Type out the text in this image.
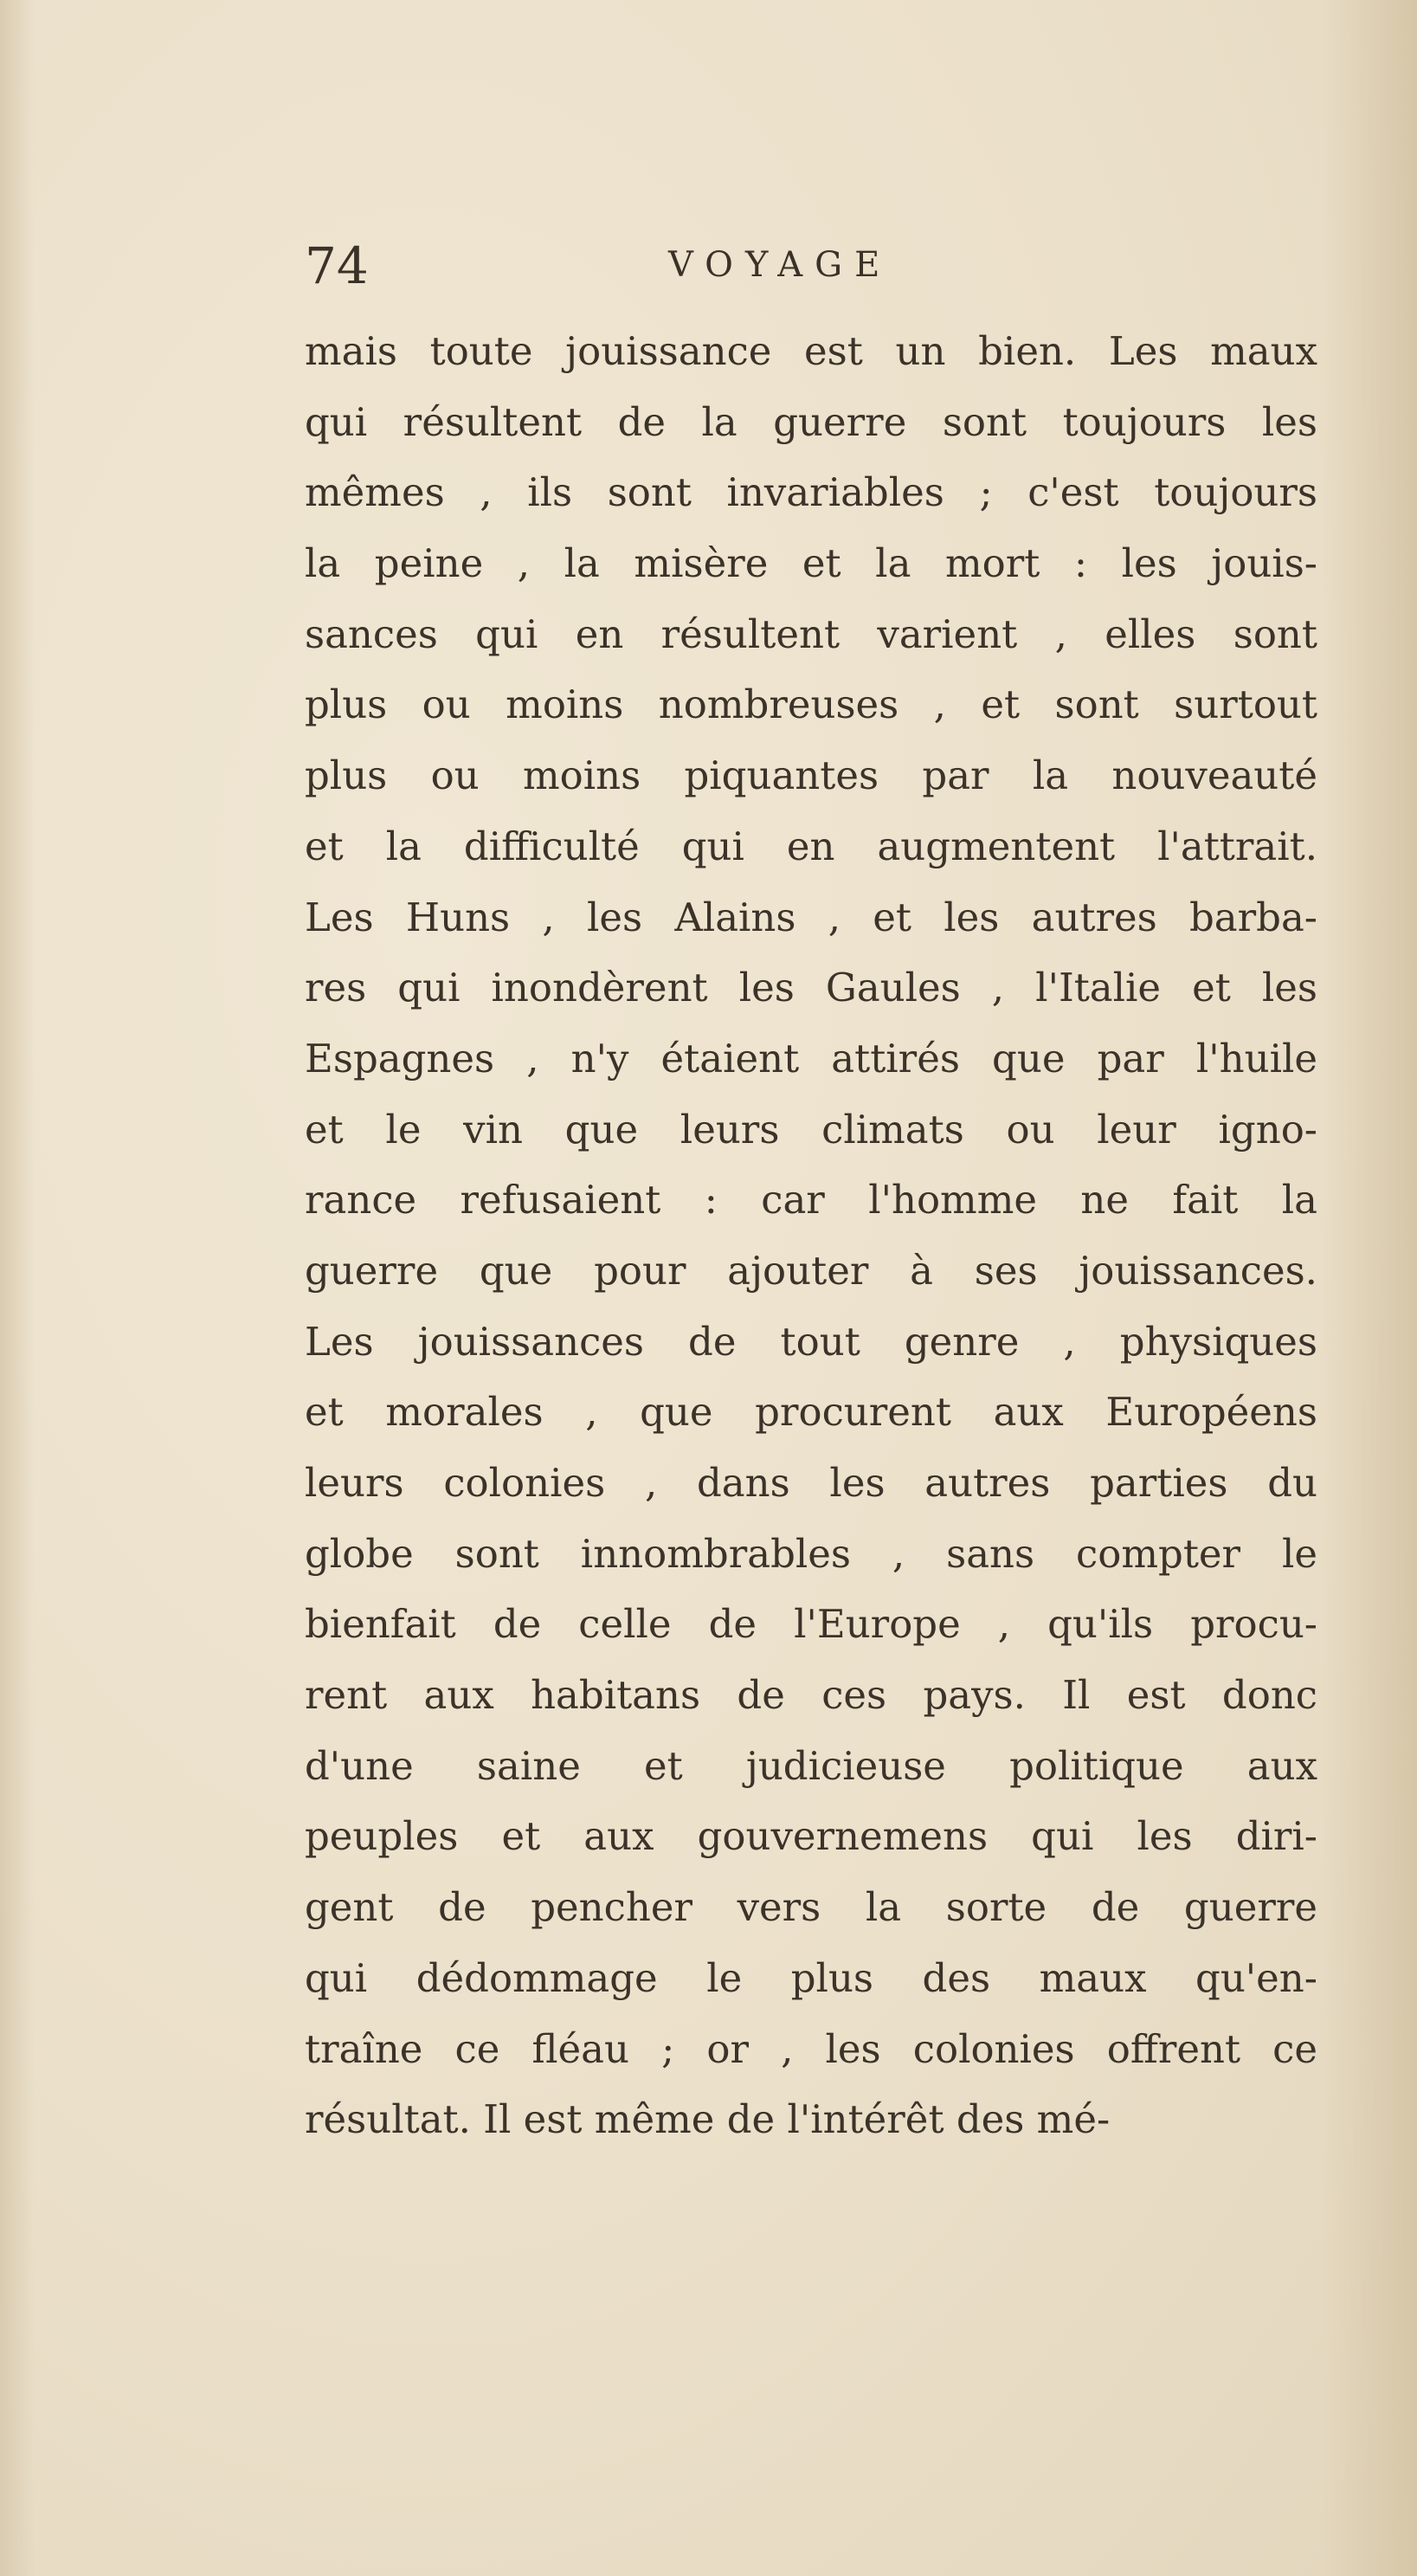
74	VOYAGE
mais toute jouissance est un bien. Les maux
qui résultent de la guerre sont toujours les
mêmes , ils sont invariables ; c'est toujours
la peine , la misère et la mort : les jouis-
sances qui en résultent varient , elles sont
plus ou moins nombreuses , et sont surtout
plus ou moins piquantes par la nouveauté
et la difficulté qui en augmentent l'attrait.
Les Huns , les Alains , et les autres barba-
res qui inondèrent les Gaules , l'Italie et les
Espagnes , n'y étaient attirés que par l'huile
et le vin que leurs climats ou leur igno-
rance refusaient : car l'homme ne fait la
guerre que pour ajouter à ses jouissances.
Les jouissances de tout genre , physiques
et morales , que procurent aux Européens
leurs colonies , dans les autres parties du
globe sont innombrables , sans compter le
bienfait de celle de l'Europe , qu'ils procu-
rent aux habitans de ces pays. Il est donc
d'une saine et judicieuse politique aux
peuples et aux gouvernemens qui les diri-
gent de pencher vers la sorte de guerre
qui dédommage le plus des maux qu'en-
traîne ce fléau ; or , les colonies offrent ce
résultat. Il est même de l'intérêt des mé-
